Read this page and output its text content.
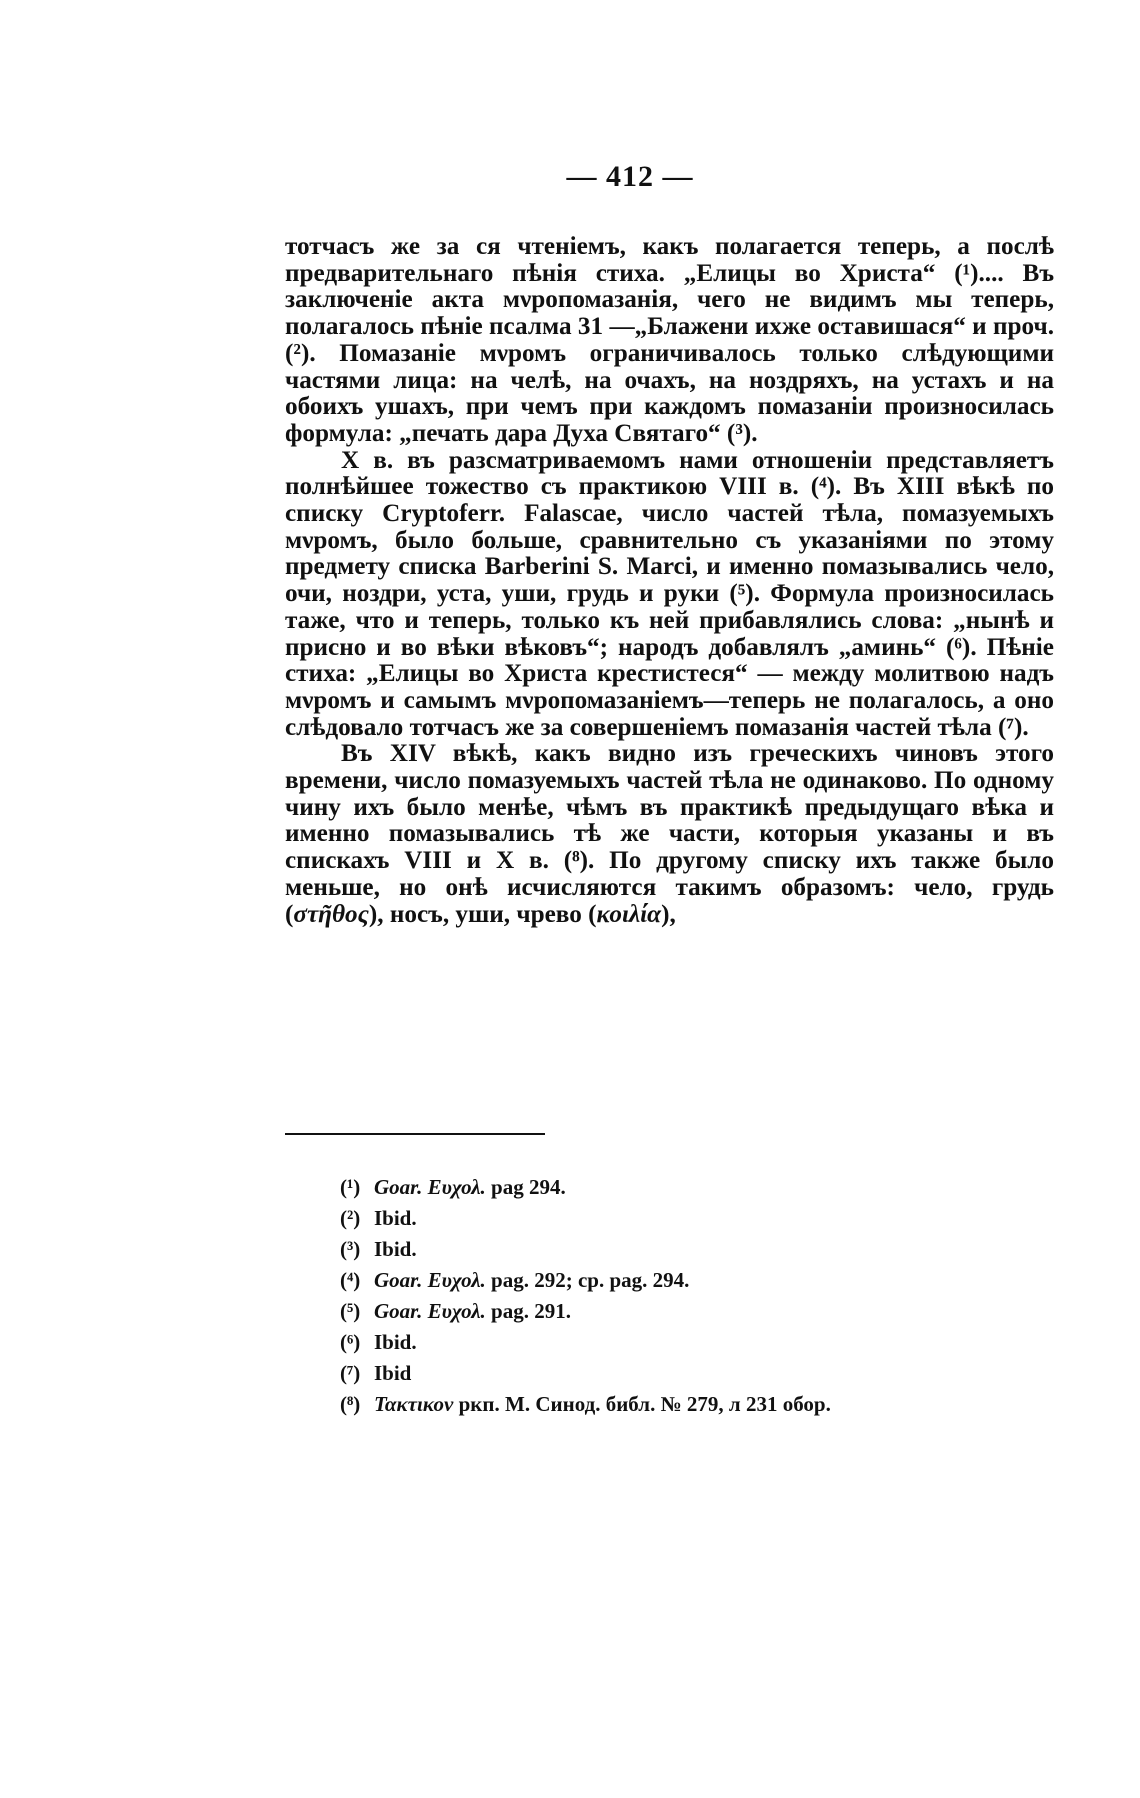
— 412 —

тотчасъ же за ся чтеніемъ, какъ полагается теперь, а послѣ предварительнаго пѣнія стиха. „Елицы во Христа“ (¹).... Въ заключеніе акта мνропомазанія, чего не видимъ мы теперь, полагалось пѣніе псалма 31 —„Блажени ихже оставишася“ и проч. (²). Помазаніе мνромъ ограничивалось только слѣдующими частями лица: на челѣ, на очахъ, на ноздряхъ, на устахъ и на обоихъ ушахъ, при чемъ при каждомъ помазаніи произносилась формула: „печать дара Духа Святаго“ (³).

X в. въ разсматриваемомъ нами отношеніи представляетъ полнѣйшее тожество съ практикою VIII в. (⁴). Въ XIII вѣкѣ по списку Cryptoferr. Falascae, число частей тѣла, помазуемыхъ мνромъ, было больше, сравнительно съ указаніями по этому предмету списка Barberini S. Marci, и именно помазывались чело, очи, ноздри, уста, уши, грудь и руки (⁵). Формула произносилась таже, что и теперь, только къ ней прибавлялись слова: „нынѣ и присно и во вѣки вѣковъ“; народъ добавлялъ „аминь“ (⁶). Пѣніе стиха: „Елицы во Христа крестистеся“ — между молитвою надъ мνромъ и самымъ мνропомазаніемъ—теперь не полагалось, а оно слѣдовало тотчасъ же за совершеніемъ помазанія частей тѣла (⁷).

Въ XIV вѣкѣ, какъ видно изъ греческихъ чиновъ этого времени, число помазуемыхъ частей тѣла не одинаково. По одному чину ихъ было менѣе, чѣмъ въ практикѣ предыдущаго вѣка и именно помазывались тѣ же части, которыя указаны и въ спискахъ VIII и X в. (⁸). По другому списку ихъ также было меньше, но онѣ исчисляются такимъ образомъ: чело, грудь (στῆθος), носъ, уши, чрево (κοιλία),

(¹) Goar. Ευχολ. pag 294.
(²) Ibid.
(³) Ibid.
(⁴) Goar. Ευχολ. pag. 292; ср. pag. 294.
(⁵) Goar. Ευχολ. pag. 291.
(⁶) Ibid.
(⁷) Ibid
(⁸) Τακτικον ркп. М. Синод. библ. № 279, л 231 обор.
